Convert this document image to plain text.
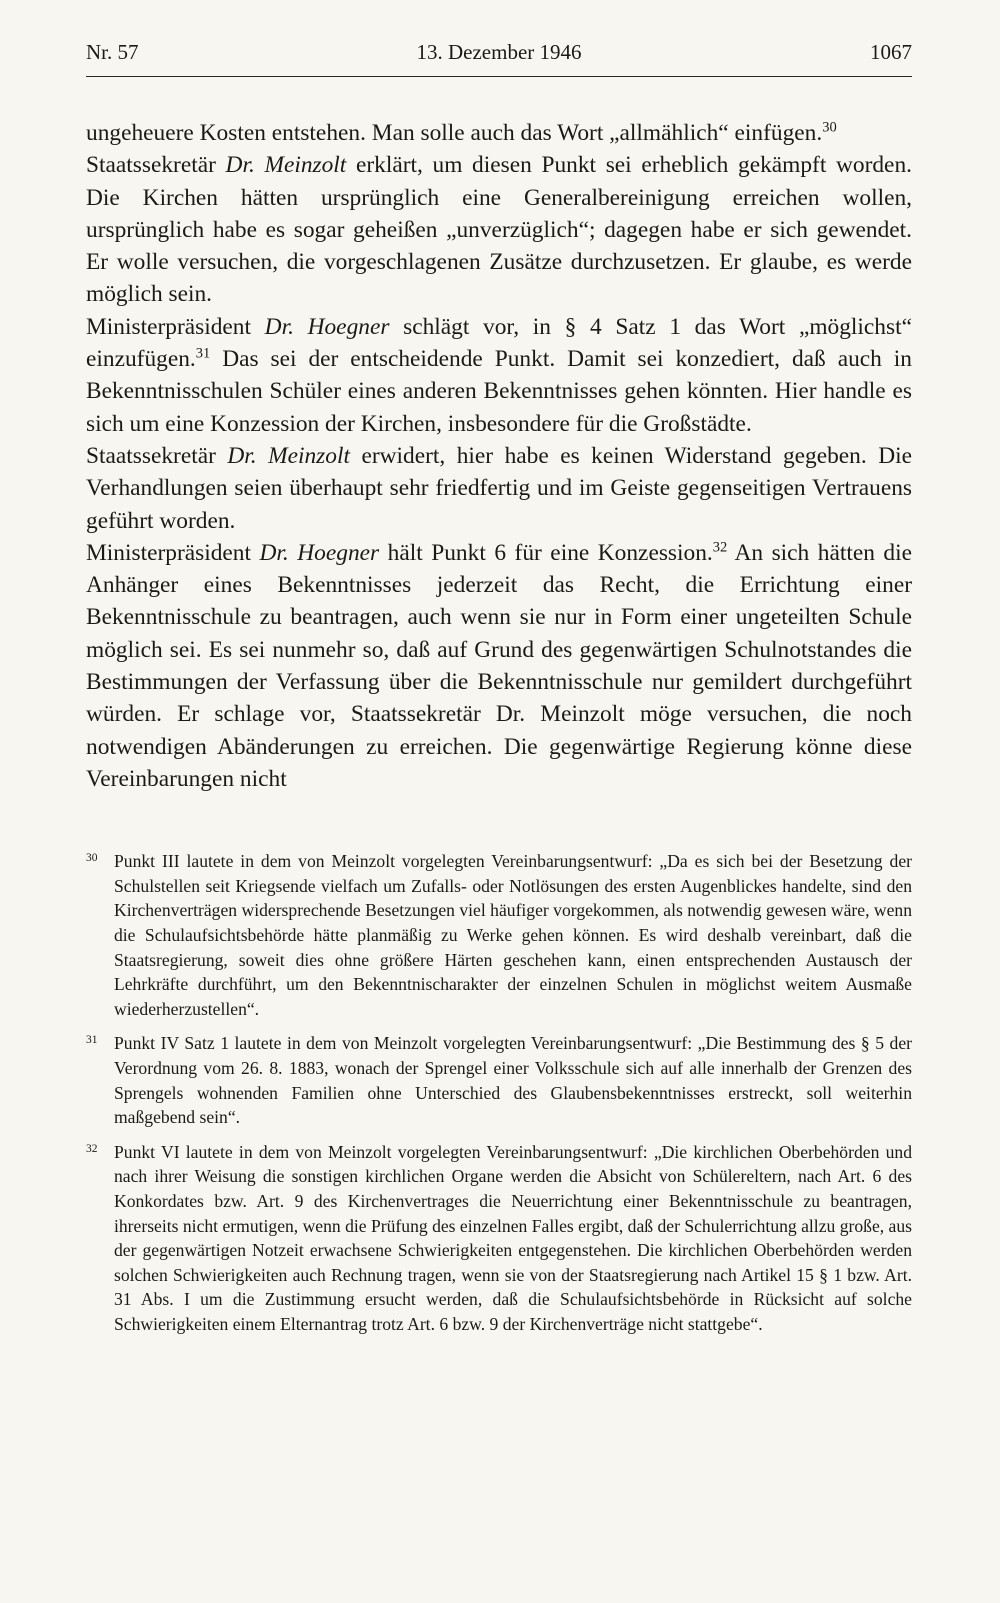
Nr. 57	13. Dezember 1946	1067

ungeheuere Kosten entstehen. Man solle auch das Wort „allmählich“ einfügen.$^{30}$

Staatssekretär Dr. Meinzolt erklärt, um diesen Punkt sei erheblich gekämpft worden. Die Kirchen hätten ursprünglich eine Generalbereinigung erreichen wollen, ursprünglich habe es sogar geheißen „unverzüglich“; dagegen habe er sich gewendet. Er wolle versuchen, die vorgeschlagenen Zusätze durchzusetzen. Er glaube, es werde möglich sein.

Ministerpräsident Dr. Hoegner schlägt vor, in § 4 Satz 1 das Wort „möglichst“ einzufügen.$^{31}$ Das sei der entscheidende Punkt. Damit sei konzediert, daß auch in Bekenntnisschulen Schüler eines anderen Bekenntnisses gehen könnten. Hier handle es sich um eine Konzession der Kirchen, insbesondere für die Großstädte.

Staatssekretär Dr. Meinzolt erwidert, hier habe es keinen Widerstand gegeben. Die Verhandlungen seien überhaupt sehr friedfertig und im Geiste gegenseitigen Vertrauens geführt worden.

Ministerpräsident Dr. Hoegner hält Punkt 6 für eine Konzession.$^{32}$ An sich hätten die Anhänger eines Bekenntnisses jederzeit das Recht, die Errichtung einer Bekenntnisschule zu beantragen, auch wenn sie nur in Form einer ungeteilten Schule möglich sei. Es sei nunmehr so, daß auf Grund des gegenwärtigen Schulnotstandes die Bestimmungen der Verfassung über die Bekenntnisschule nur gemildert durchgeführt würden. Er schlage vor, Staatssekretär Dr. Meinzolt möge versuchen, die noch notwendigen Abänderungen zu erreichen. Die gegenwärtige Regierung könne diese Vereinbarungen nicht

30 Punkt III lautete in dem von Meinzolt vorgelegten Vereinbarungsentwurf: „Da es sich bei der Besetzung der Schulstellen seit Kriegsende vielfach um Zufalls- oder Notlösungen des ersten Augenblickes handelte, sind den Kirchenverträgen widersprechende Besetzungen viel häufiger vorgekommen, als notwendig gewesen wäre, wenn die Schulaufsichtsbehörde hätte planmäßig zu Werke gehen können. Es wird deshalb vereinbart, daß die Staatsregierung, soweit dies ohne größere Härten geschehen kann, einen entsprechenden Austausch der Lehrkräfte durchführt, um den Bekenntnischarakter der einzelnen Schulen in möglichst weitem Ausmaße wiederherzustellen“.

31 Punkt IV Satz 1 lautete in dem von Meinzolt vorgelegten Vereinbarungsentwurf: „Die Bestimmung des § 5 der Verordnung vom 26. 8. 1883, wonach der Sprengel einer Volksschule sich auf alle innerhalb der Grenzen des Sprengels wohnenden Familien ohne Unterschied des Glaubensbekenntnisses erstreckt, soll weiterhin maßgebend sein“.

32 Punkt VI lautete in dem von Meinzolt vorgelegten Vereinbarungsentwurf: „Die kirchlichen Oberbehörden und nach ihrer Weisung die sonstigen kirchlichen Organe werden die Absicht von Schülereltern, nach Art. 6 des Konkordates bzw. Art. 9 des Kirchenvertrages die Neuerrichtung einer Bekenntnisschule zu beantragen, ihrerseits nicht ermutigen, wenn die Prüfung des einzelnen Falles ergibt, daß der Schulerrichtung allzu große, aus der gegenwärtigen Notzeit erwachsene Schwierigkeiten entgegenstehen. Die kirchlichen Oberbehörden werden solchen Schwierigkeiten auch Rechnung tragen, wenn sie von der Staatsregierung nach Artikel 15 § 1 bzw. Art. 31 Abs. I um die Zustimmung ersucht werden, daß die Schulaufsichtsbehörde in Rücksicht auf solche Schwierigkeiten einem Elternantrag trotz Art. 6 bzw. 9 der Kirchenverträge nicht stattgebe“.
